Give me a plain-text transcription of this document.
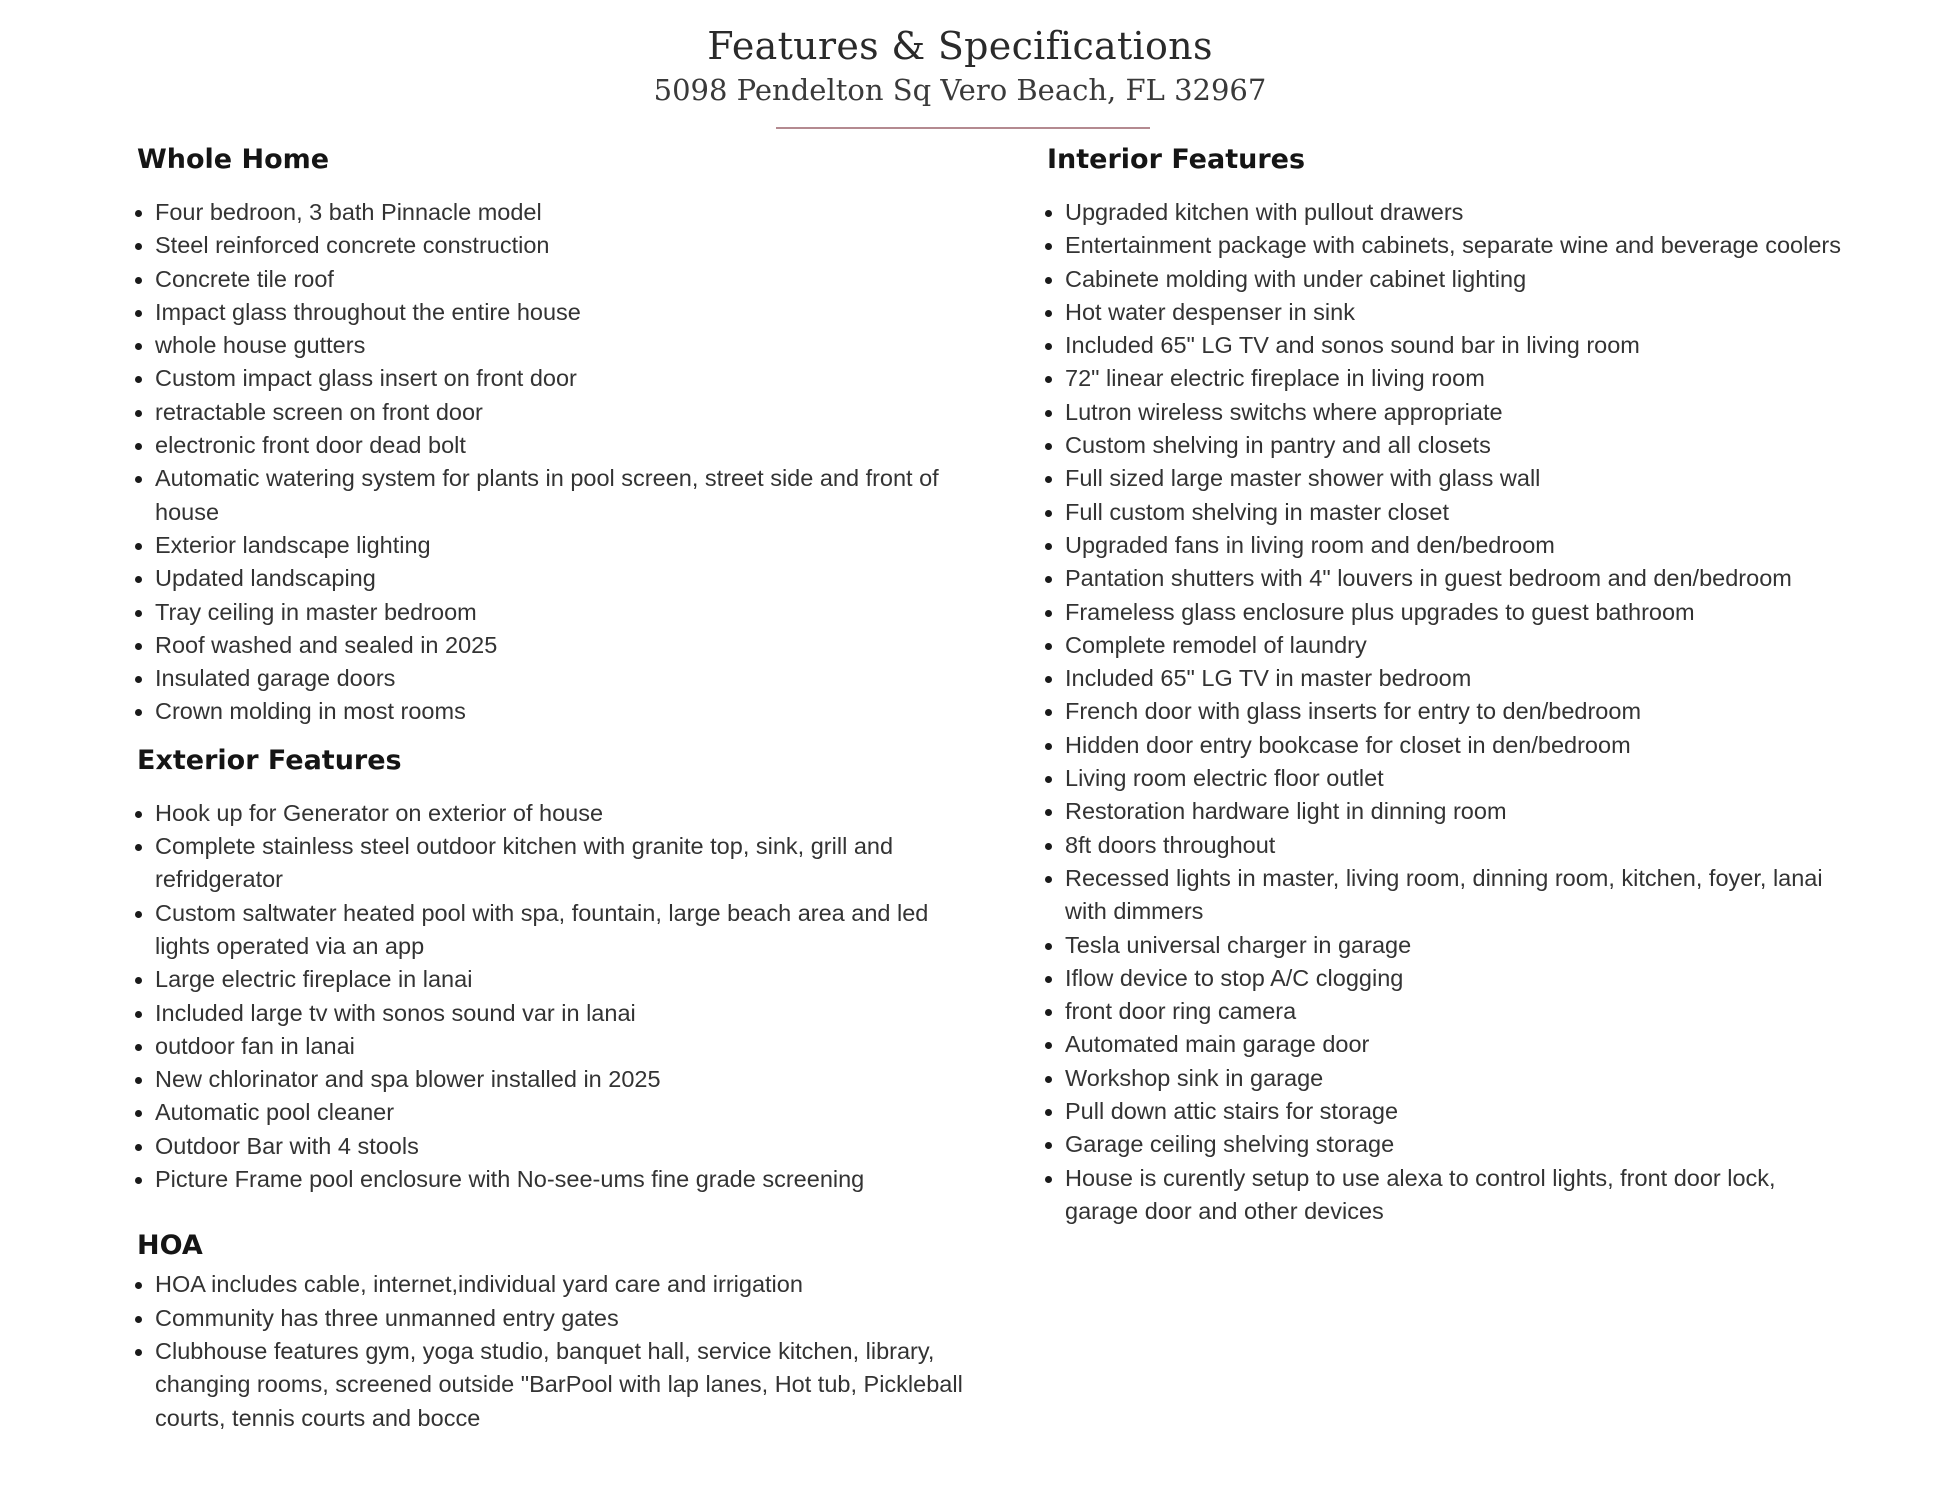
Features & Specifications
5098 Pendelton Sq Vero Beach, FL 32967
Whole Home
Four bedroon, 3 bath Pinnacle model
Steel reinforced concrete construction
Concrete tile roof
Impact glass throughout the entire house
whole house gutters
Custom impact glass insert on front door
retractable screen on front door
electronic front door dead bolt
Automatic watering system for plants in pool screen, street side and front of house
Exterior landscape lighting
Updated landscaping
Tray ceiling in master bedroom
Roof washed and sealed in 2025
Insulated garage doors
Crown molding in most rooms
Exterior Features
Hook up for Generator on exterior of house
Complete stainless steel outdoor kitchen with granite top, sink, grill and refridgerator
Custom saltwater heated pool with spa, fountain, large beach area and led lights operated via an app
Large electric fireplace in lanai
Included large tv with sonos sound var in lanai
outdoor fan in lanai
New chlorinator and spa blower installed in 2025
Automatic pool cleaner
Outdoor Bar with 4 stools
Picture Frame pool enclosure with No-see-ums fine grade screening
HOA
HOA includes cable, internet,individual yard care and irrigation
Community has three unmanned entry gates
Clubhouse features gym, yoga studio, banquet hall, service kitchen, library, changing rooms, screened outside "BarPool with lap lanes, Hot tub, Pickleball courts, tennis courts and bocce
Interior Features
Upgraded kitchen with pullout drawers
Entertainment package with cabinets, separate wine and beverage coolers
Cabinete molding with under cabinet lighting
Hot water despenser in sink
Included 65" LG TV and sonos sound bar in living room
72" linear electric fireplace in living room
Lutron wireless switchs where appropriate
Custom shelving in pantry and all closets
Full sized large master shower with glass wall
Full custom shelving in master closet
Upgraded fans in living room and den/bedroom
Pantation shutters with 4" louvers in guest bedroom and den/bedroom
Frameless glass enclosure plus upgrades to guest bathroom
Complete remodel of laundry
Included 65" LG TV in master bedroom
French door with glass inserts for entry to den/bedroom
Hidden door entry bookcase for closet in den/bedroom
Living room electric floor outlet
Restoration hardware light in dinning room
8ft doors throughout
Recessed lights in master, living room, dinning room, kitchen, foyer, lanai with dimmers
Tesla universal charger in garage
Iflow device to stop A/C clogging
front door ring camera
Automated main garage door
Workshop sink in garage
Pull down attic stairs for storage
Garage ceiling shelving storage
House is curently setup to use alexa to control lights, front door lock, garage door and other devices
